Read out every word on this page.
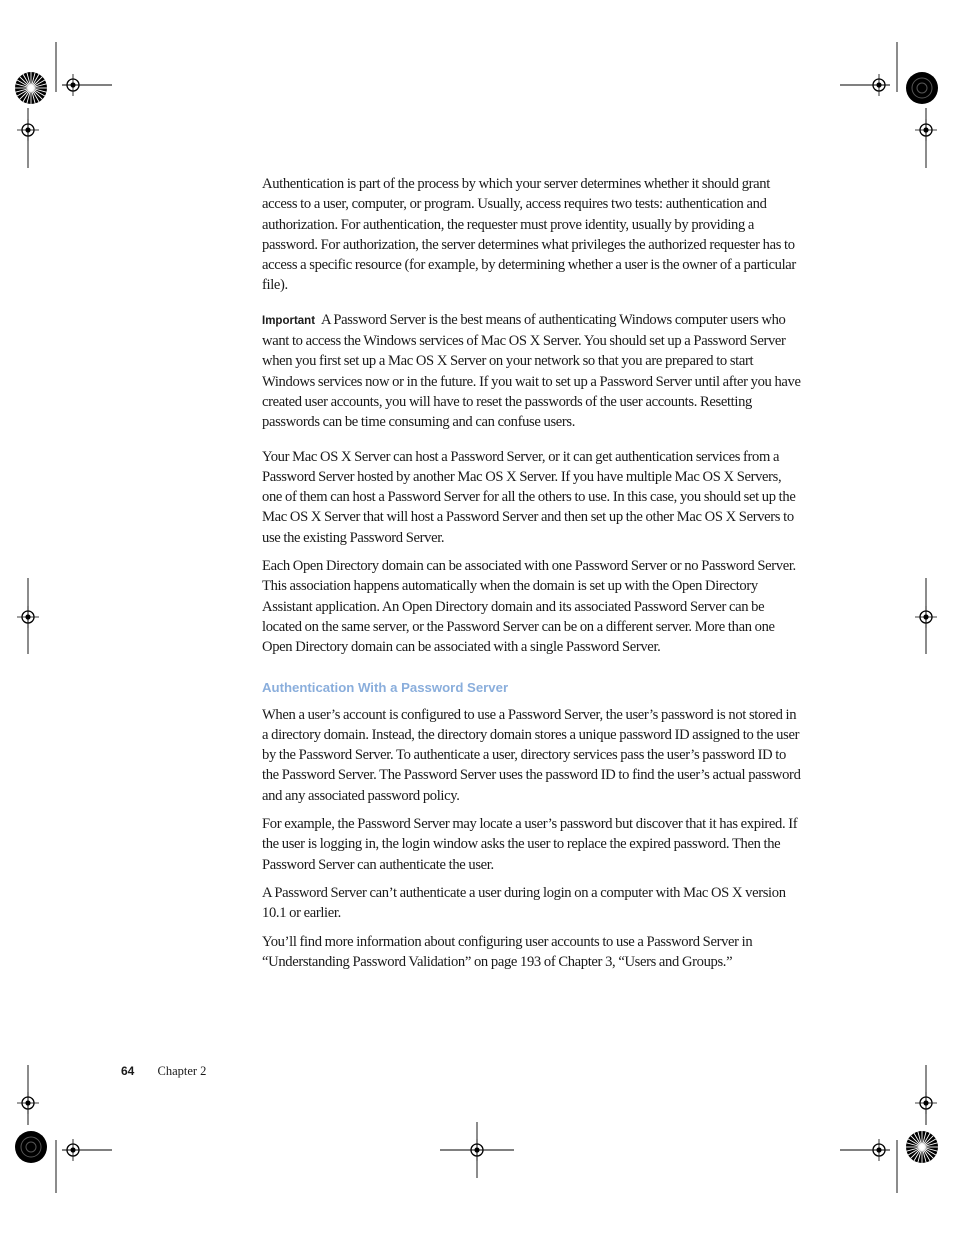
Authentication is part of the process by which your server determines whether it should grant access to a user, computer, or program. Usually, access requires two tests: authentication and authorization. For authentication, the requester must prove identity, usually by providing a password. For authorization, the server determines what privileges the authorized requester has to access a specific resource (for example, by determining whether a user is the owner of a particular file).

Important A Password Server is the best means of authenticating Windows computer users who want to access the Windows services of Mac OS X Server. You should set up a Password Server when you first set up a Mac OS X Server on your network so that you are prepared to start Windows services now or in the future. If you wait to set up a Password Server until after you have created user accounts, you will have to reset the passwords of the user accounts. Resetting passwords can be time consuming and can confuse users.

Your Mac OS X Server can host a Password Server, or it can get authentication services from a Password Server hosted by another Mac OS X Server. If you have multiple Mac OS X Servers, one of them can host a Password Server for all the others to use. In this case, you should set up the Mac OS X Server that will host a Password Server and then set up the other Mac OS X Servers to use the existing Password Server.

Each Open Directory domain can be associated with one Password Server or no Password Server. This association happens automatically when the domain is set up with the Open Directory Assistant application. An Open Directory domain and its associated Password Server can be located on the same server, or the Password Server can be on a different server. More than one Open Directory domain can be associated with a single Password Server.

Authentication With a Password Server

When a user’s account is configured to use a Password Server, the user’s password is not stored in a directory domain. Instead, the directory domain stores a unique password ID assigned to the user by the Password Server. To authenticate a user, directory services pass the user’s password ID to the Password Server. The Password Server uses the password ID to find the user’s actual password and any associated password policy.

For example, the Password Server may locate a user’s password but discover that it has expired. If the user is logging in, the login window asks the user to replace the expired password. Then the Password Server can authenticate the user.

A Password Server can’t authenticate a user during login on a computer with Mac OS X version 10.1 or earlier.

You’ll find more information about configuring user accounts to use a Password Server in “Understanding Password Validation” on page 193 of Chapter 3, “Users and Groups.”

64 Chapter 2
